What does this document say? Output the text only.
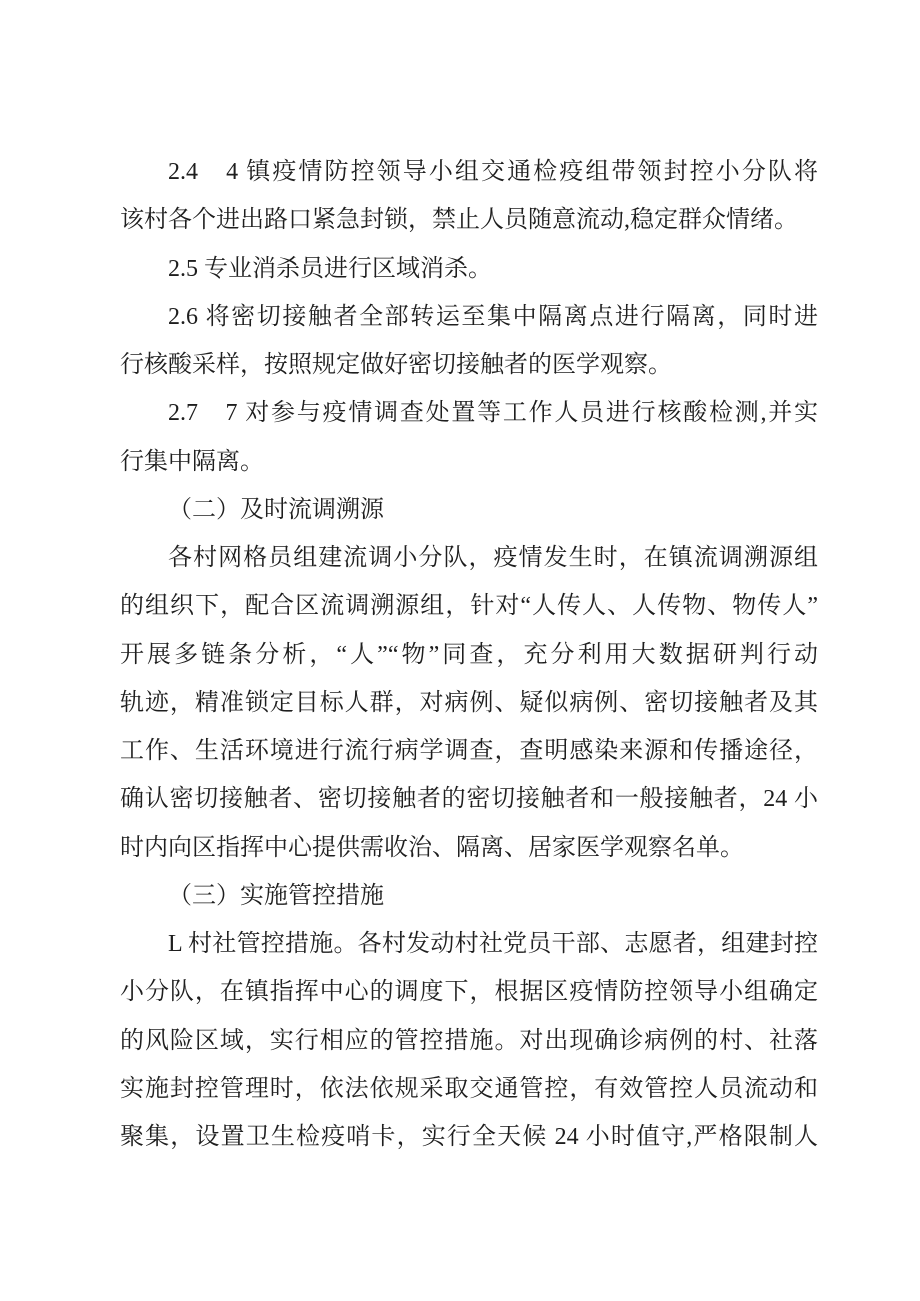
2.4　4 镇疫情防控领导小组交通检疫组带领封控小分队将
该村各个进出路口紧急封锁，禁止人员随意流动,稳定群众情绪。
2.5 专业消杀员进行区域消杀。
2.6 将密切接触者全部转运至集中隔离点进行隔离，同时进
行核酸采样，按照规定做好密切接触者的医学观察。
2.7　7 对参与疫情调查处置等工作人员进行核酸检测,并实
行集中隔离。
（二）及时流调溯源
各村网格员组建流调小分队，疫情发生时，在镇流调溯源组
的组织下，配合区流调溯源组，针对“人传人、人传物、物传人”
开展多链条分析，“人”“物”同查，充分利用大数据研判行动
轨迹，精准锁定目标人群，对病例、疑似病例、密切接触者及其
工作、生活环境进行流行病学调查，查明感染来源和传播途径，
确认密切接触者、密切接触者的密切接触者和一般接触者，24 小
时内向区指挥中心提供需收治、隔离、居家医学观察名单。
（三）实施管控措施
L 村社管控措施。各村发动村社党员干部、志愿者，组建封控
小分队，在镇指挥中心的调度下，根据区疫情防控领导小组确定
的风险区域，实行相应的管控措施。对出现确诊病例的村、社落
实施封控管理时，依法依规采取交通管控，有效管控人员流动和
聚集，设置卫生检疫哨卡，实行全天候 24 小时值守,严格限制人
